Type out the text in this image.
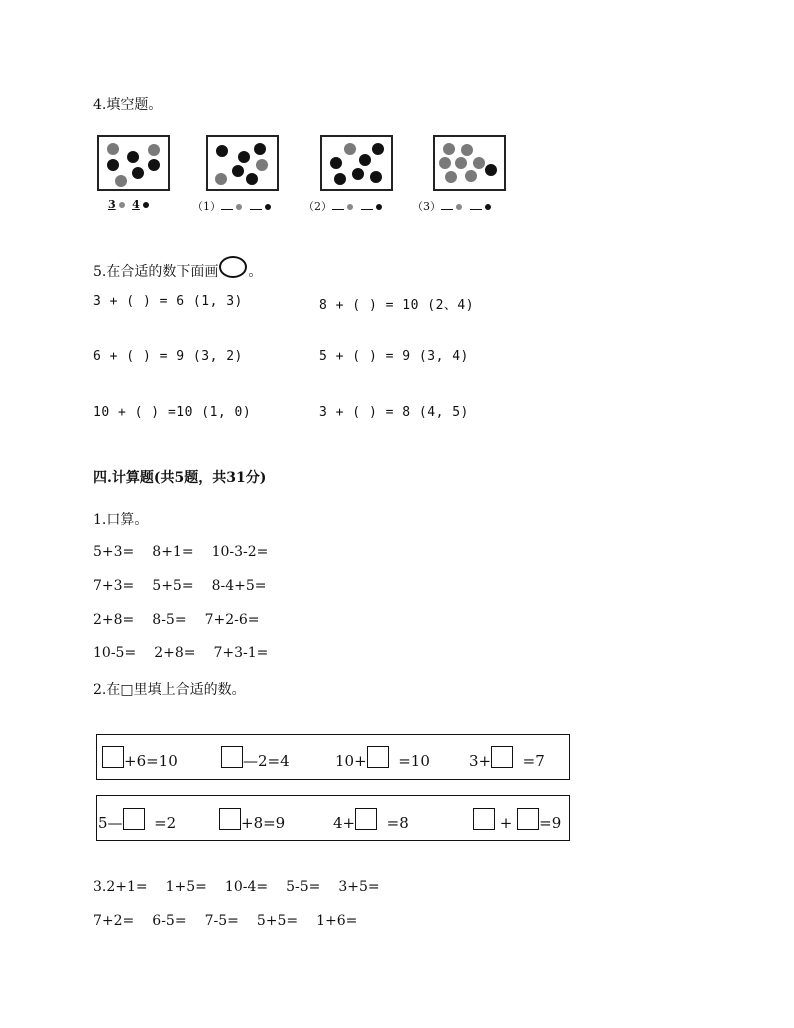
4.填空题。
3 4	（1）	（2）	（3）
5.在合适的数下面画 。
3 + ( ) = 6 (1, 3)	8 + ( ) = 10 (2、4)
6 + ( ) = 9 (3, 2)	5 + ( ) = 9 (3, 4)
10 + ( ) =10 (1, 0)	3 + ( ) = 8 (4, 5)
四.计算题(共5题，共31分)
1.口算。
5+3= 8+1= 10-3-2=
7+3= 5+5= 8-4+5=
2+8= 8-5= 7+2-6=
10-5= 2+8= 7+3-1=
2.在□里填上合适的数。
+6=10	—2=4	10+ =10	3+ =7
5— =2	+8=9	4+ =8	+ =9
3.2+1= 1+5= 10-4= 5-5= 3+5=
7+2= 6-5= 7-5= 5+5= 1+6=
